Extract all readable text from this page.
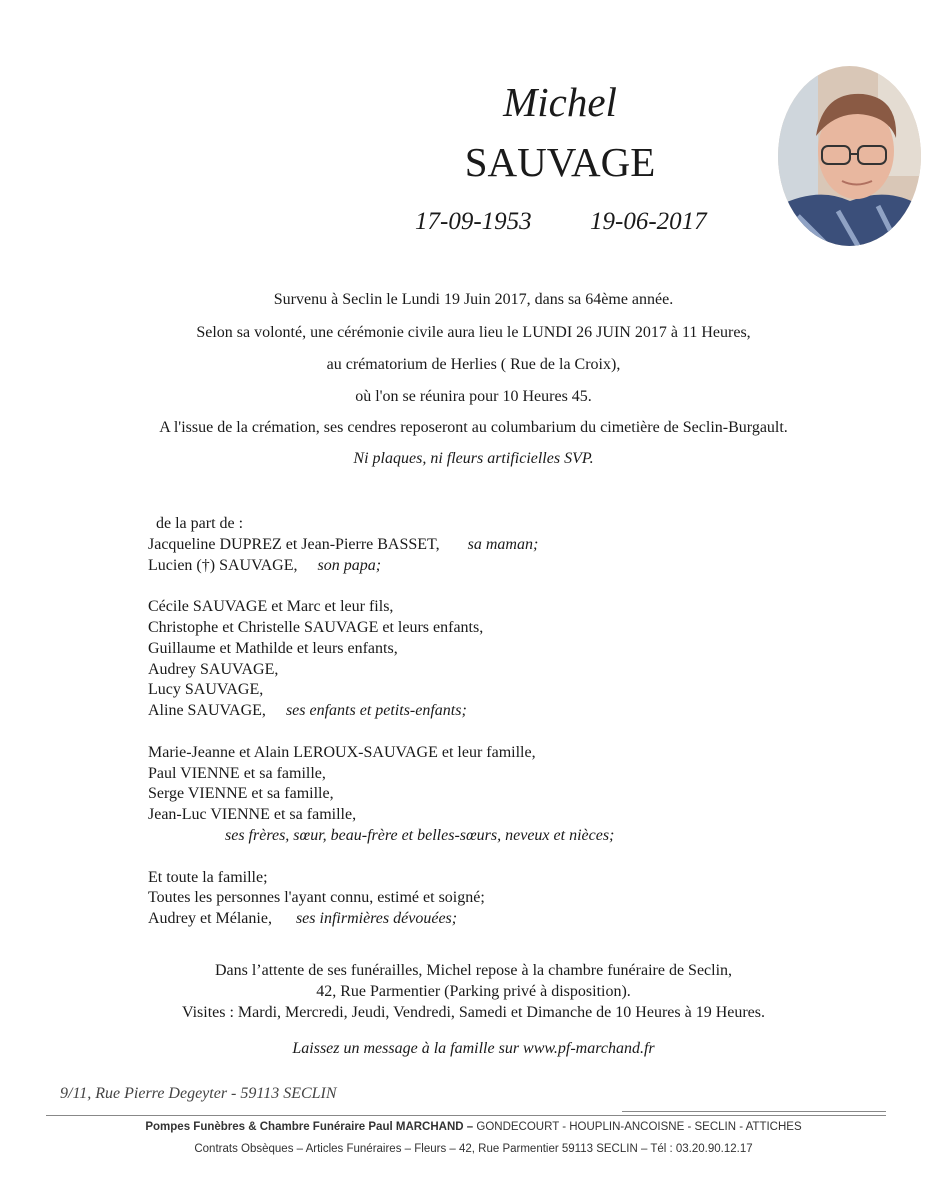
Michel
SAUVAGE
17-09-1953 19-06-2017
Survenu à Seclin le Lundi 19 Juin 2017, dans sa 64ème année.
Selon sa volonté, une cérémonie civile aura lieu le LUNDI 26 JUIN 2017 à 11 Heures,
au crématorium de Herlies ( Rue de la Croix),
où l'on se réunira pour 10 Heures 45.
A l'issue de la crémation, ses cendres reposeront au columbarium du cimetière de Seclin-Burgault.
Ni plaques, ni fleurs artificielles SVP.
de la part de :
Jacqueline DUPREZ et Jean-Pierre BASSET, sa maman;
Lucien (†) SAUVAGE, son papa;
Cécile SAUVAGE et Marc et leur fils,
Christophe et Christelle SAUVAGE et leurs enfants,
Guillaume et Mathilde et leurs enfants,
Audrey SAUVAGE,
Lucy SAUVAGE,
Aline SAUVAGE, ses enfants et petits-enfants;
Marie-Jeanne et Alain LEROUX-SAUVAGE et leur famille,
Paul VIENNE et sa famille,
Serge VIENNE et sa famille,
Jean-Luc VIENNE et sa famille,
ses frères, sœur, beau-frère et belles-sœurs, neveux et nièces;
Et toute la famille;
Toutes les personnes l'ayant connu, estimé et soigné;
Audrey et Mélanie, ses infirmières dévouées;
Dans l’attente de ses funérailles, Michel repose à la chambre funéraire de Seclin,
42, Rue Parmentier (Parking privé à disposition).
Visites : Mardi, Mercredi, Jeudi, Vendredi, Samedi et Dimanche de 10 Heures à 19 Heures.
Laissez un message à la famille sur www.pf-marchand.fr
9/11, Rue Pierre Degeyter - 59113 SECLIN
Pompes Funèbres & Chambre Funéraire Paul MARCHAND – GONDECOURT - HOUPLIN-ANCOISNE - SECLIN - ATTICHES
Contrats Obsèques – Articles Funéraires – Fleurs – 42, Rue Parmentier 59113 SECLIN – Tél : 03.20.90.12.17
